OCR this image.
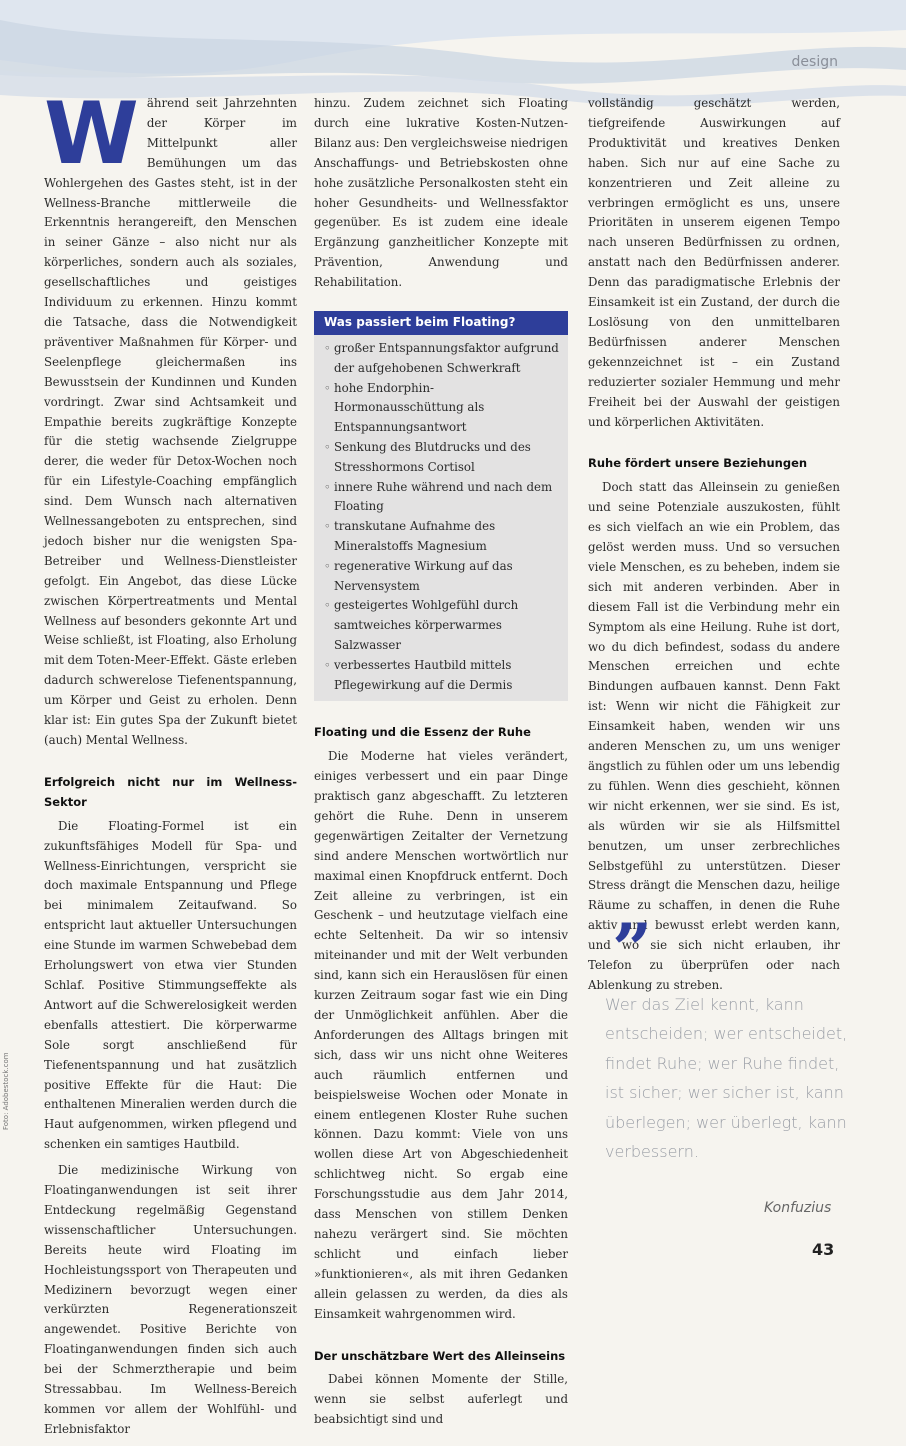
design

Während seit Jahrzehnten der Körper im Mittelpunkt aller Bemühungen um das Wohlergehen des Gastes steht, ist in der Wellness-Branche mittlerweile die Erkenntnis herangereift, den Menschen in seiner Gänze – also nicht nur als körperliches, sondern auch als soziales, gesellschaftliches und geistiges Individuum zu erkennen. Hinzu kommt die Tatsache, dass die Notwendigkeit präventiver Maßnahmen für Körper- und Seelenpflege gleichermaßen ins Bewusstsein der Kundinnen und Kunden vordringt. Zwar sind Achtsamkeit und Empathie bereits zugkräftige Konzepte für die stetig wachsende Zielgruppe derer, die weder für Detox-Wochen noch für ein Lifestyle-Coaching empfänglich sind. Dem Wunsch nach alternativen Wellnessangeboten zu entsprechen, sind jedoch bisher nur die wenigsten Spa-Betreiber und Wellness-Dienstleister gefolgt. Ein Angebot, das diese Lücke zwischen Körpertreatments und Mental Wellness auf besonders gekonnte Art und Weise schließt, ist Floating, also Erholung mit dem Toten-Meer-Effekt. Gäste erleben dadurch schwerelose Tiefenentspannung, um Körper und Geist zu erholen. Denn klar ist: Ein gutes Spa der Zukunft bietet (auch) Mental Wellness.

Erfolgreich nicht nur im Wellness-Sektor

Die Floating-Formel ist ein zukunftsfähiges Modell für Spa- und Wellness-Einrichtungen, verspricht sie doch maximale Entspannung und Pflege bei minimalem Zeitaufwand. So entspricht laut aktueller Untersuchungen eine Stunde im warmen Schwebebad dem Erholungswert von etwa vier Stunden Schlaf. Positive Stimmungseffekte als Antwort auf die Schwerelosigkeit werden ebenfalls attestiert. Die körperwarme Sole sorgt anschließend für Tiefenentspannung und hat zusätzlich positive Effekte für die Haut: Die enthaltenen Mineralien werden durch die Haut aufgenommen, wirken pflegend und schenken ein samtiges Hautbild.

Die medizinische Wirkung von Floatinganwendungen ist seit ihrer Entdeckung regelmäßig Gegenstand wissenschaftlicher Untersuchungen. Bereits heute wird Floating im Hochleistungssport von Therapeuten und Medizinern bevorzugt wegen einer verkürzten Regenerationszeit angewendet. Positive Berichte von Floatinganwendungen finden sich auch bei der Schmerztherapie und beim Stressabbau. Im Wellness-Bereich kommen vor allem der Wohlfühl- und Erlebnisfaktor

hinzu. Zudem zeichnet sich Floating durch eine lukrative Kosten-Nutzen-Bilanz aus: Den vergleichsweise niedrigen Anschaffungs- und Betriebskosten ohne hohe zusätzliche Personalkosten steht ein hoher Gesundheits- und Wellnessfaktor gegenüber. Es ist zudem eine ideale Ergänzung ganzheitlicher Konzepte mit Prävention, Anwendung und Rehabilitation.

Was passiert beim Floating?
◦ großer Entspannungsfaktor aufgrund der aufgehobenen Schwerkraft
◦ hohe Endorphin-Hormonausschüttung als Entspannungsantwort
◦ Senkung des Blutdrucks und des Stresshormons Cortisol
◦ innere Ruhe während und nach dem Floating
◦ transkutane Aufnahme des Mineralstoffs Magnesium
◦ regenerative Wirkung auf das Nervensystem
◦ gesteigertes Wohlgefühl durch samtweiches körperwarmes Salzwasser
◦ verbessertes Hautbild mittels Pflegewirkung auf die Dermis
Floating und die Essenz der Ruhe

Die Moderne hat vieles verändert, einiges verbessert und ein paar Dinge praktisch ganz abgeschafft. Zu letzteren gehört die Ruhe. Denn in unserem gegenwärtigen Zeitalter der Vernetzung sind andere Menschen wortwörtlich nur maximal einen Knopfdruck entfernt. Doch Zeit alleine zu verbringen, ist ein Geschenk – und heutzutage vielfach eine echte Seltenheit. Da wir so intensiv miteinander und mit der Welt verbunden sind, kann sich ein Herauslösen für einen kurzen Zeitraum sogar fast wie ein Ding der Unmöglichkeit anfühlen. Aber die Anforderungen des Alltags bringen mit sich, dass wir uns nicht ohne Weiteres auch räumlich entfernen und beispielsweise Wochen oder Monate in einem entlegenen Kloster Ruhe suchen können. Dazu kommt: Viele von uns wollen diese Art von Abgeschiedenheit schlichtweg nicht. So ergab eine Forschungsstudie aus dem Jahr 2014, dass Menschen von stillem Denken nahezu verärgert sind. Sie möchten schlicht und einfach lieber »funktionieren«, als mit ihren Gedanken allein gelassen zu werden, da dies als Einsamkeit wahrgenommen wird.

Der unschätzbare Wert des Alleinseins

Dabei können Momente der Stille, wenn sie selbst auferlegt und beabsichtigt sind und

vollständig geschätzt werden, tiefgreifende Auswirkungen auf Produktivität und kreatives Denken haben. Sich nur auf eine Sache zu konzentrieren und Zeit alleine zu verbringen ermöglicht es uns, unsere Prioritäten in unserem eigenen Tempo nach unseren Bedürfnissen zu ordnen, anstatt nach den Bedürfnissen anderer. Denn das paradigmatische Erlebnis der Einsamkeit ist ein Zustand, der durch die Loslösung von den unmittelbaren Bedürfnissen anderer Menschen gekennzeichnet ist – ein Zustand reduzierter sozialer Hemmung und mehr Freiheit bei der Auswahl der geistigen und körperlichen Aktivitäten.

Ruhe fördert unsere Beziehungen

Doch statt das Alleinsein zu genießen und seine Potenziale auszukosten, fühlt es sich vielfach an wie ein Problem, das gelöst werden muss. Und so versuchen viele Menschen, es zu beheben, indem sie sich mit anderen verbinden. Aber in diesem Fall ist die Verbindung mehr ein Symptom als eine Heilung. Ruhe ist dort, wo du dich befindest, sodass du andere Menschen erreichen und echte Bindungen aufbauen kannst. Denn Fakt ist: Wenn wir nicht die Fähigkeit zur Einsamkeit haben, wenden wir uns anderen Menschen zu, um uns weniger ängstlich zu fühlen oder um uns lebendig zu fühlen. Wenn dies geschieht, können wir nicht erkennen, wer sie sind. Es ist, als würden wir sie als Hilfsmittel benutzen, um unser zerbrechliches Selbstgefühl zu unterstützen. Dieser Stress drängt die Menschen dazu, heilige Räume zu schaffen, in denen die Ruhe aktiv und bewusst erlebt werden kann, und wo sie sich nicht erlauben, ihr Telefon zu überprüfen oder nach Ablenkung zu streben.

”
Wer das Ziel kennt, kann entscheiden; wer entscheidet, findet Ruhe; wer Ruhe findet, ist sicher; wer sicher ist, kann überlegen; wer überlegt, kann verbessern.
Konfuzius
43
Foto: Adobestock.com
